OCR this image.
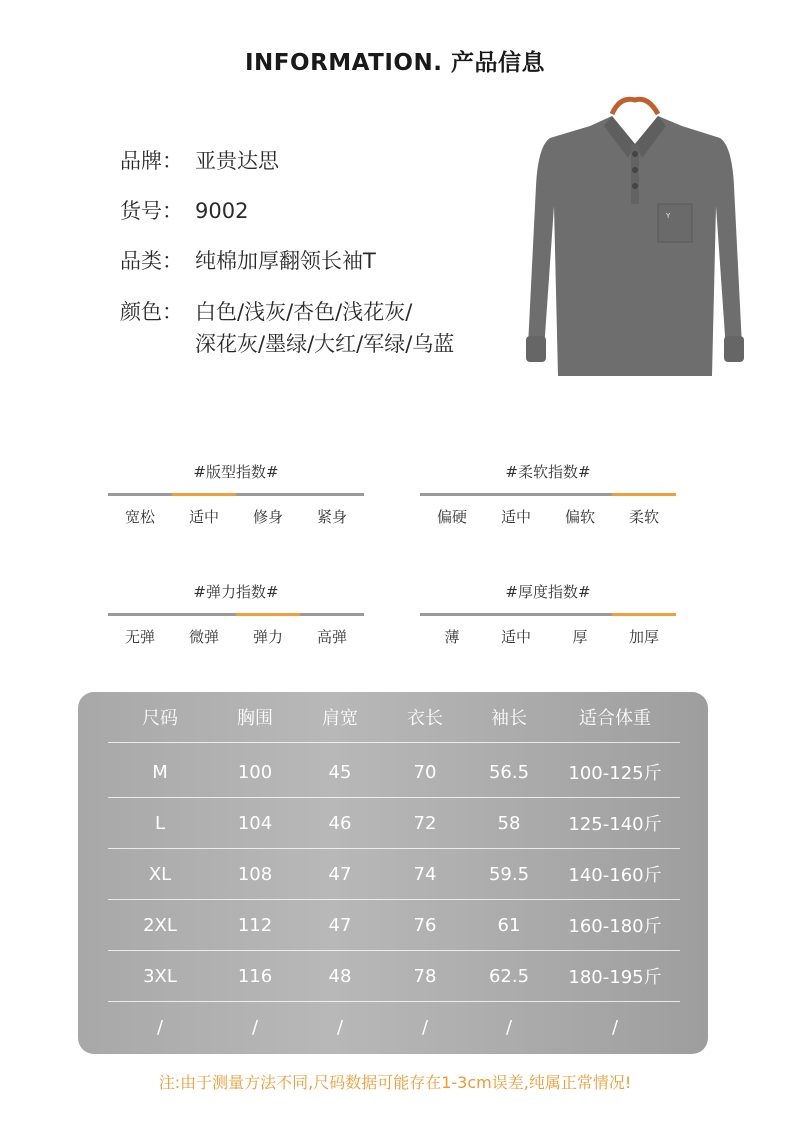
INFORMATION. 产品信息
品牌： 亚贵达思
货号： 9002
品类： 纯棉加厚翻领长袖T
颜色： 白色/浅灰/杏色/浅花灰/
深花灰/墨绿/大红/军绿/乌蓝
Y
#版型指数#
宽松	适中	修身	紧身
#柔软指数#
偏硬	适中	偏软	柔软
#弹力指数#
无弹	微弹	弹力	高弹
#厚度指数#
薄	适中	厚	加厚
尺码	胸围	肩宽	衣长	袖长	适合体重
M	100	45	70	56.5	100-125斤
L	104	46	72	58	125-140斤
XL	108	47	74	59.5	140-160斤
2XL	112	47	76	61	160-180斤
3XL	116	48	78	62.5	180-195斤
/	/	/	/	/	/
注:由于测量方法不同,尺码数据可能存在1-3cm误差,纯属正常情况!
